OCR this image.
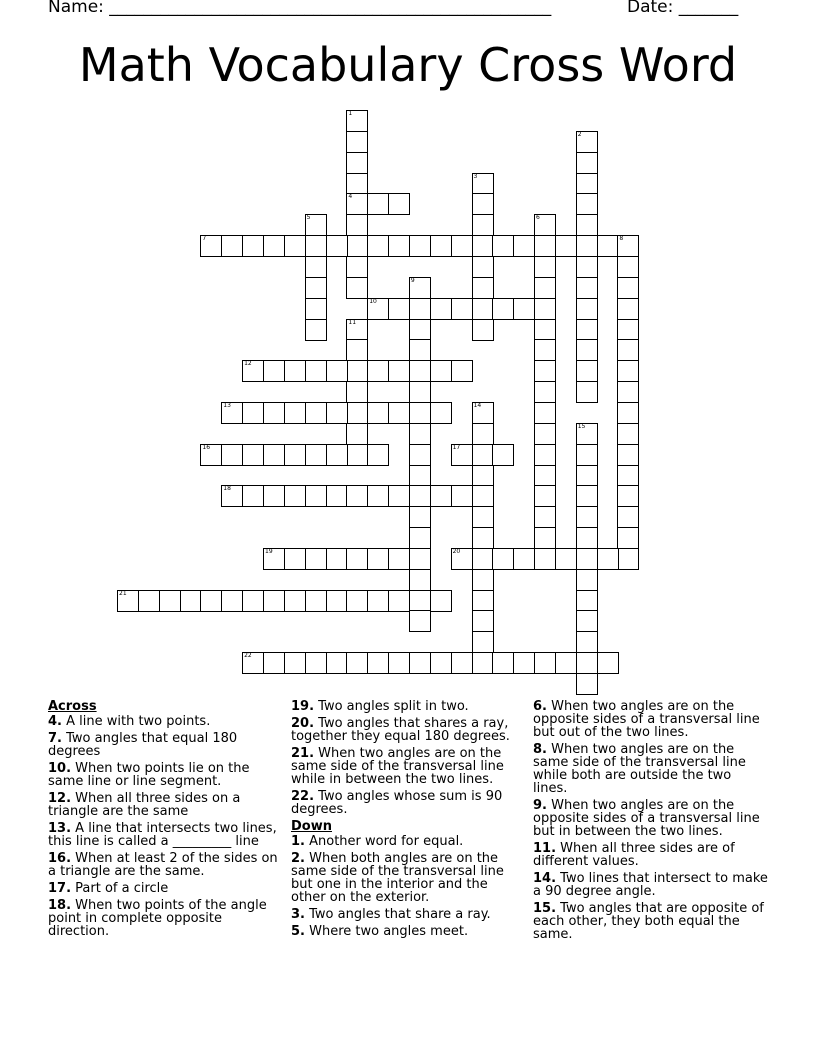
Name: ____________________________________________________	Date: _______
Math Vocabulary Cross Word
1
4
2
3
5	6
7	8
9
10
11
12
13	14
15
16	17
18
19	20
21
22
Across
4. A line with two points.
7. Two angles that equal 180 degrees
10. When two points lie on the same line or line segment.
12. When all three sides on a triangle are the same
13. A line that intersects two lines, this line is called a _________ line
16. When at least 2 of the sides on a triangle are the same.
17. Part of a circle
18. When two points of the angle point in complete opposite direction.
19. Two angles split in two.
20. Two angles that shares a ray, together they equal 180 degrees.
21. When two angles are on the same side of the transversal line while in between the two lines.
22. Two angles whose sum is 90 degrees.
Down
1. Another word for equal.
2. When both angles are on the same side of the transversal line but one in the interior and the other on the exterior.
3. Two angles that share a ray.
5. Where two angles meet.
6. When two angles are on the opposite sides of a transversal line but out of the two lines.
8. When two angles are on the same side of the transversal line while both are outside the two lines.
9. When two angles are on the opposite sides of a transversal line but in between the two lines.
11. When all three sides are of different values.
14. Two lines that intersect to make a 90 degree angle.
15. Two angles that are opposite of each other, they both equal the same.
